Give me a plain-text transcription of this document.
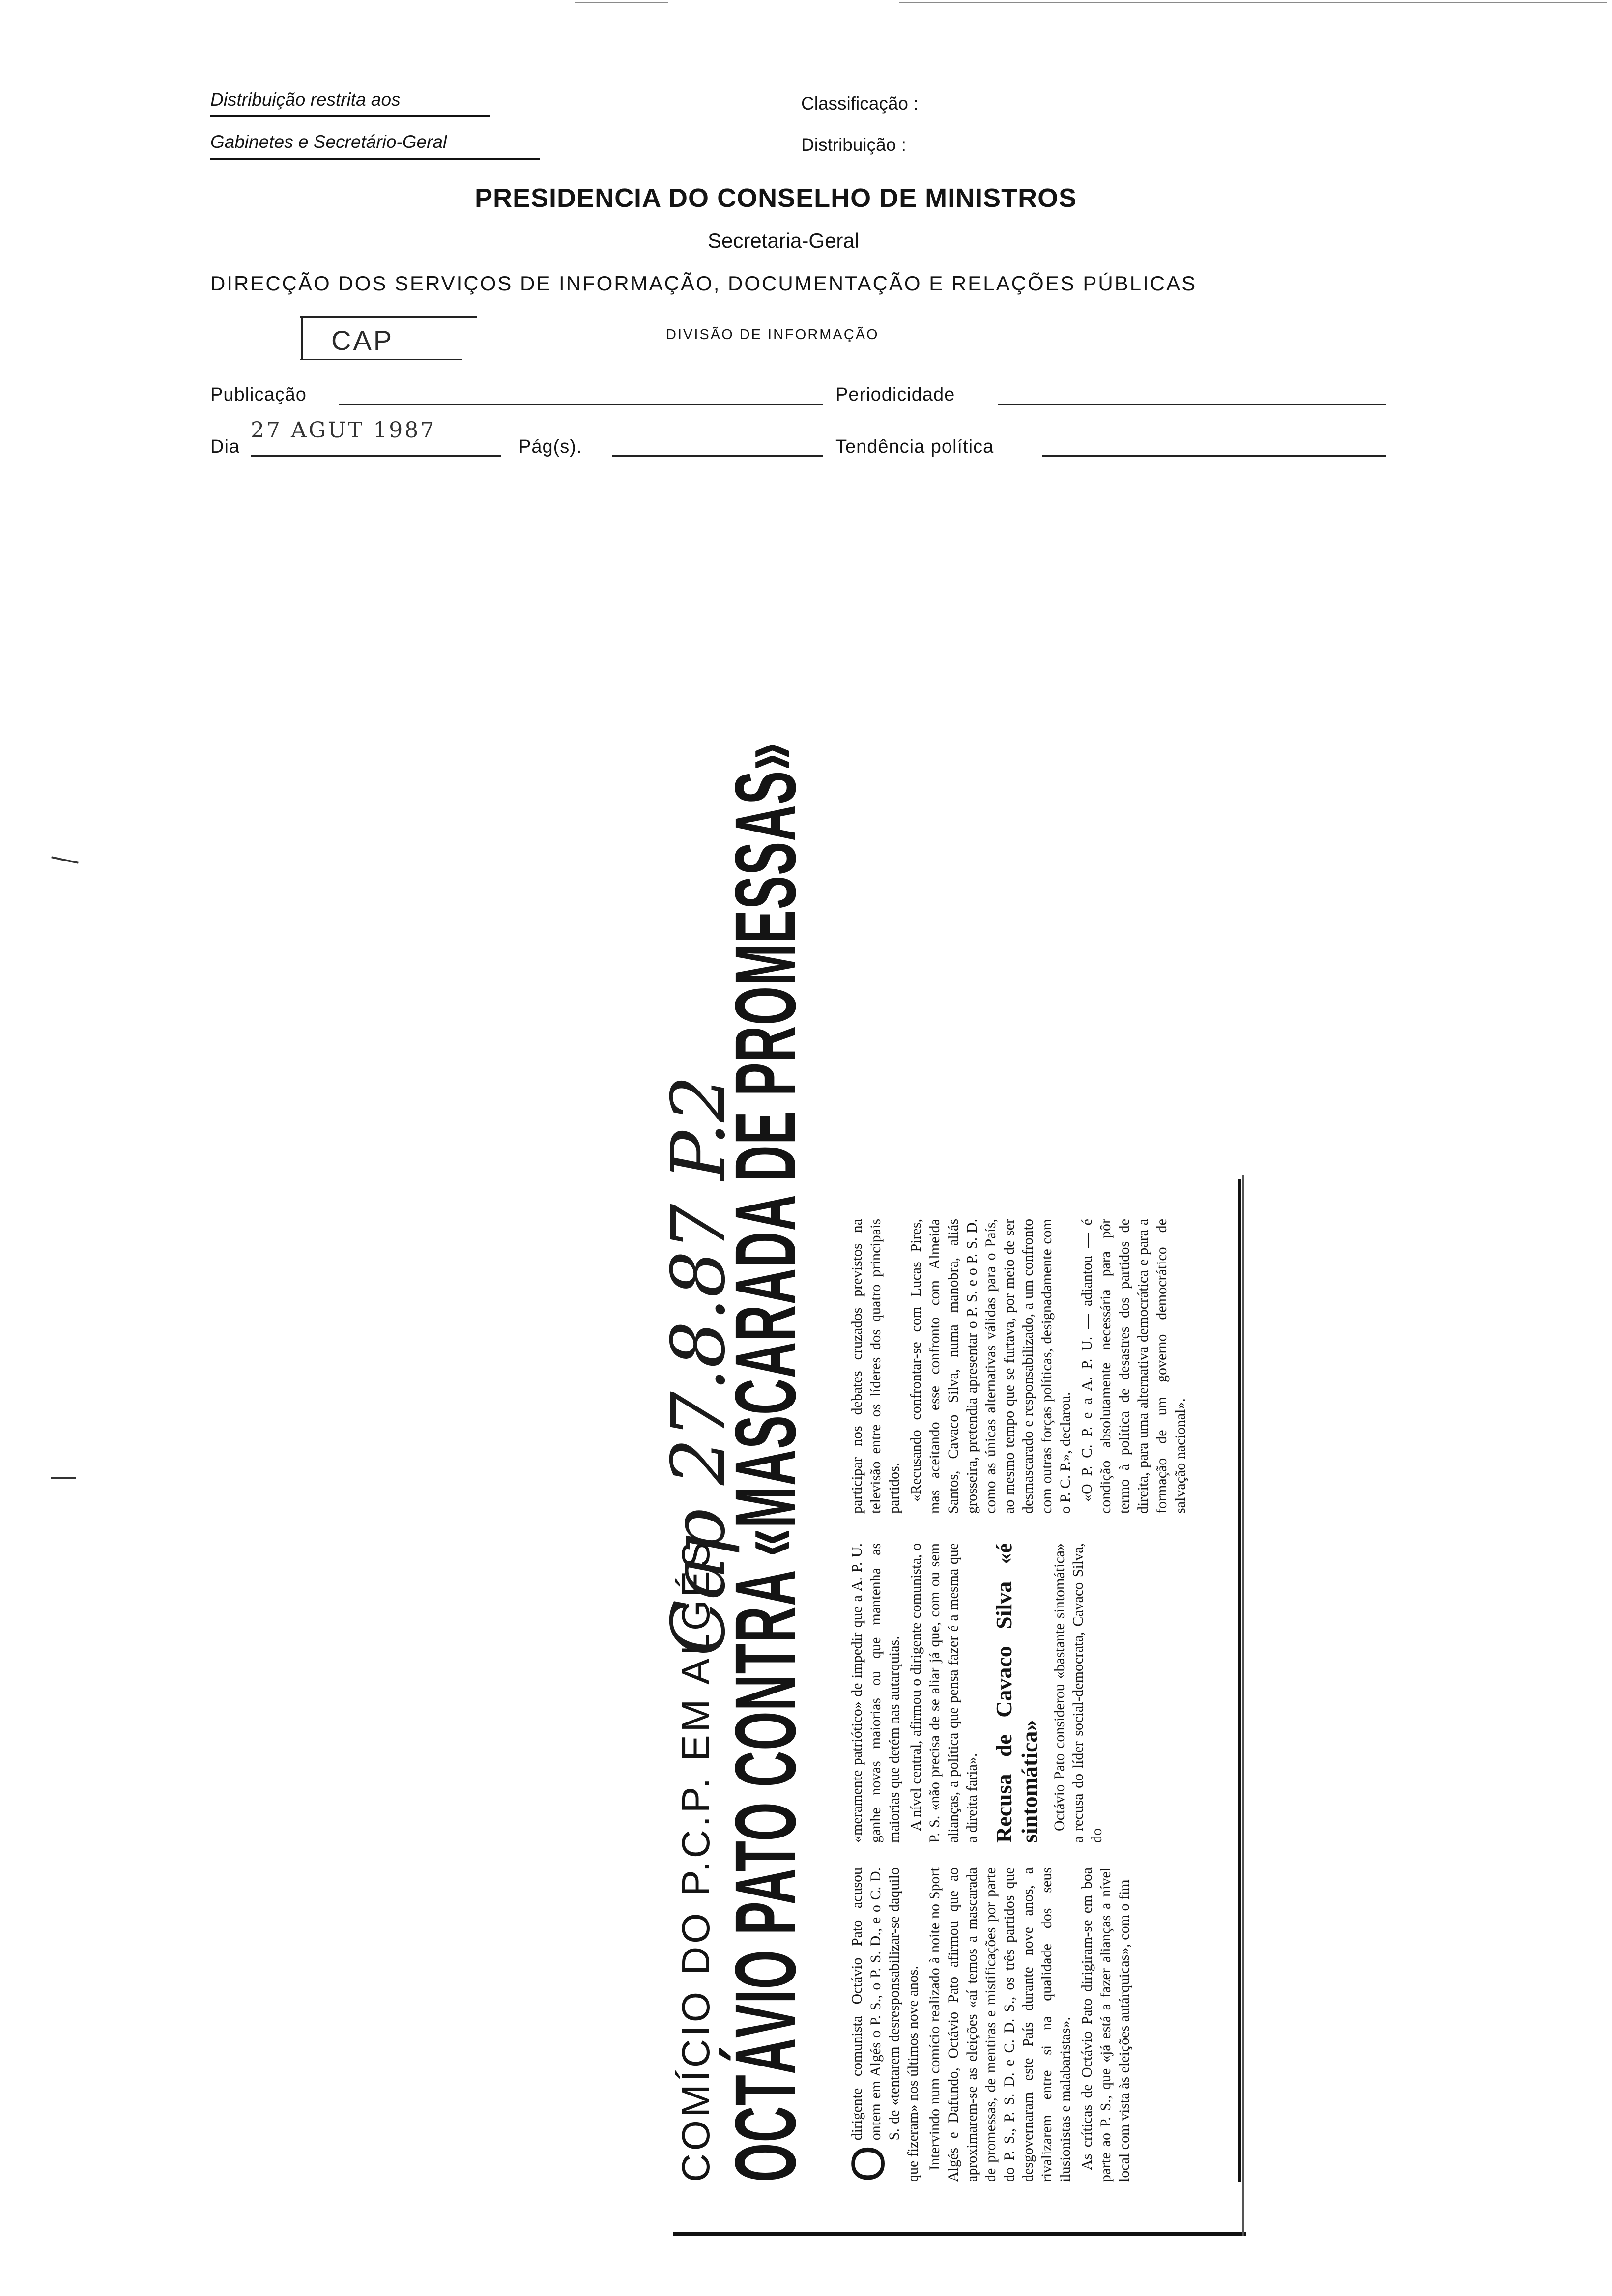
Distribuição restrita aos
Gabinetes e Secretário-Geral
Classificação :
Distribuição :
PRESIDENCIA DO CONSELHO DE MINISTROS
Secretaria-Geral
DIRECÇÃO DOS SERVIÇOS DE INFORMAÇÃO, DOCUMENTAÇÃO E RELAÇÕES PÚBLICAS
CAP	DIVISÃO DE INFORMAÇÃO
Publicação	Periodicidade
Dia
27 AGUT 1987
Pág(s).	Tendência política
COMÍCIO DO P.C.P. EM ALGÉS
Cap 27.8.87 P.2
OCTÁVIO PATO CONTRA «MASCARADA DE PROMESSAS» O
dirigente comunista Octávio Pato acusou ontem em Algés o P. S., o P. S. D., e o C. D. S. de «tentarem desresponsabilizar-se daquilo que fizeram» nos últimos nove anos. Intervindo num comício realizado à noite no Sport Algés e Dafundo, Octávio Pato afirmou que ao aproximarem-se as eleições «aí temos a mascarada de promessas, de mentiras e mistificações por parte do P. S., P. S. D. e C. D. S., os três partidos que desgovernaram este País durante nove anos, a rivalizarem entre si na qualidade dos seus ilusionistas e malabaristas». As críticas de Octávio Pato dirigiram-se em boa parte ao P. S., que «já está a fazer alianças a nível local com vista às eleições autárquicas», com o fim

«meramente patriótico» de impedir que a A. P. U. ganhe novas maiorias ou que mantenha as maiorias que detém nas autarquias. A nível central, afirmou o dirigente comunista, o P. S. «não precisa de se aliar já que, com ou sem alianças, a política que pensa fazer é a mesma que a direita faria». Recusa de Cavaco Silva «é sintomática» Octávio Pato considerou «bastante sintomática» a recusa do líder social-democrata, Cavaco Silva, do

participar nos debates cruzados previstos na televisão entre os líderes dos quatro principais partidos. «Recusando confrontar-se com Lucas Pires, mas aceitando esse confronto com Almeida Santos, Cavaco Silva, numa manobra, aliás grosseira, pretendia apresentar o P. S. e o P. S. D. como as únicas alternativas válidas para o País, ao mesmo tempo que se furtava, por meio de ser desmascarado e responsabilizado, a um confronto com outras forças políticas, designadamente com o P. C. P.», declarou. «O P. C. P. e a A. P. U. — adiantou — é condição absolutamente necessária para pôr termo à política de desastres dos partidos de direita, para uma alternativa democrática e para a formação de um governo democrático de salvação nacional».
